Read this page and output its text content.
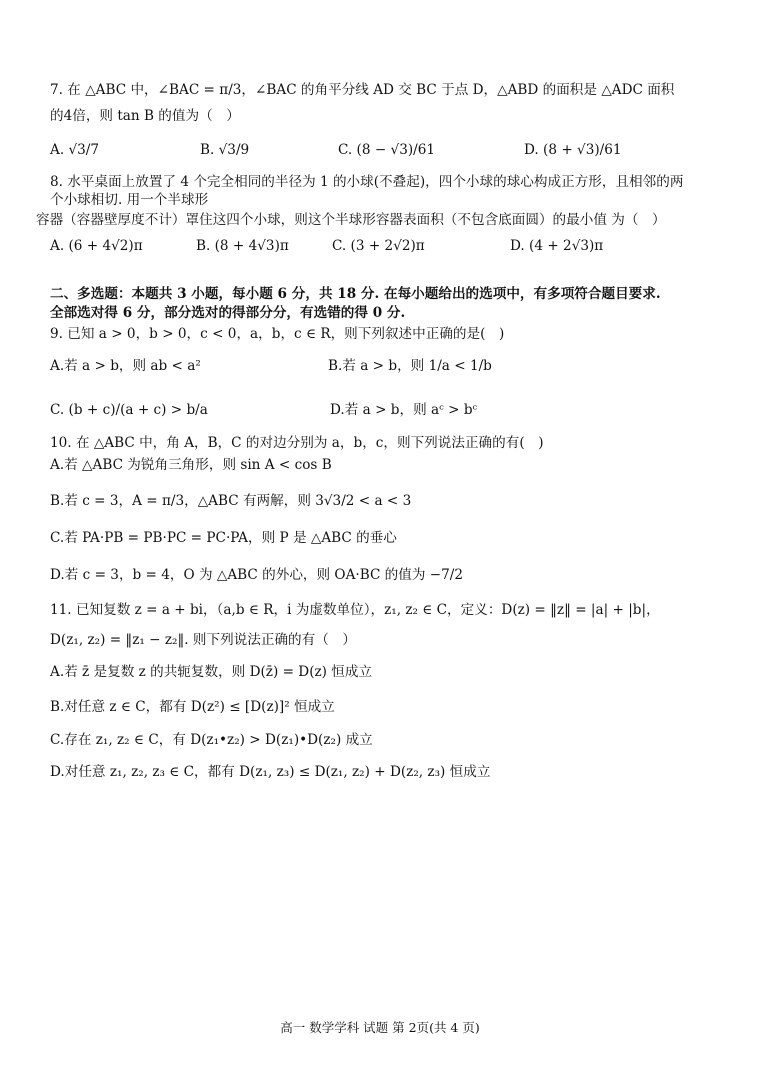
7. 在 △ABC 中，∠BAC = π/3，∠BAC 的角平分线 AD 交 BC 于点 D，△ABD 的面积是 △ADC 面积
的4倍，则 tan B 的值为（　）
A. √3/7	B. √3/9	C. (8 − √3)/61	D. (8 + √3)/61
8. 水平桌面上放置了 4 个完全相同的半径为 1 的小球(不叠起)，四个小球的球心构成正方形，且相邻的两
个小球相切. 用一个半球形
容器（容器壁厚度不计）罩住这四个小球，则这个半球形容器表面积（不包含底面圆）的最小值 为（　）
A. (6 + 4√2)π	B. (8 + 4√3)π	C. (3 + 2√2)π	D. (4 + 2√3)π
二、多选题：本题共 3 小题，每小题 6 分，共 18 分. 在每小题给出的选项中，有多项符合题目要求.
全部选对得 6 分，部分选对的得部分分，有选错的得 0 分.
9. 已知 a > 0，b > 0，c < 0，a，b，c ∈ R，则下列叙述中正确的是(　)
A.若 a > b，则 ab < a²	B.若 a > b，则 1/a < 1/b
C. (b + c)/(a + c) > b/a	D.若 a > b，则 aᶜ > bᶜ
10. 在 △ABC 中，角 A，B，C 的对边分别为 a，b，c，则下列说法正确的有(　)
A.若 △ABC 为锐角三角形，则 sin A < cos B
B.若 c = 3，A = π/3，△ABC 有两解，则 3√3/2 < a < 3
C.若 PA·PB = PB·PC = PC·PA，则 P 是 △ABC 的垂心
D.若 c = 3，b = 4，O 为 △ABC 的外心，则 OA·BC 的值为 −7/2
11. 已知复数 z = a + bi，（a,b ∈ R，i 为虚数单位），z₁, z₂ ∈ C，定义：D(z) = ‖z‖ = |a| + |b|，
D(z₁, z₂) = ‖z₁ − z₂‖. 则下列说法正确的有（　）
A.若 z̄ 是复数 z 的共轭复数，则 D(z̄) = D(z) 恒成立
B.对任意 z ∈ C，都有 D(z²) ≤ [D(z)]² 恒成立
C.存在 z₁, z₂ ∈ C，有 D(z₁•z₂) > D(z₁)•D(z₂) 成立
D.对任意 z₁, z₂, z₃ ∈ C，都有 D(z₁, z₃) ≤ D(z₁, z₂) + D(z₂, z₃) 恒成立
高一 数学学科 试题 第 2页(共 4 页)
